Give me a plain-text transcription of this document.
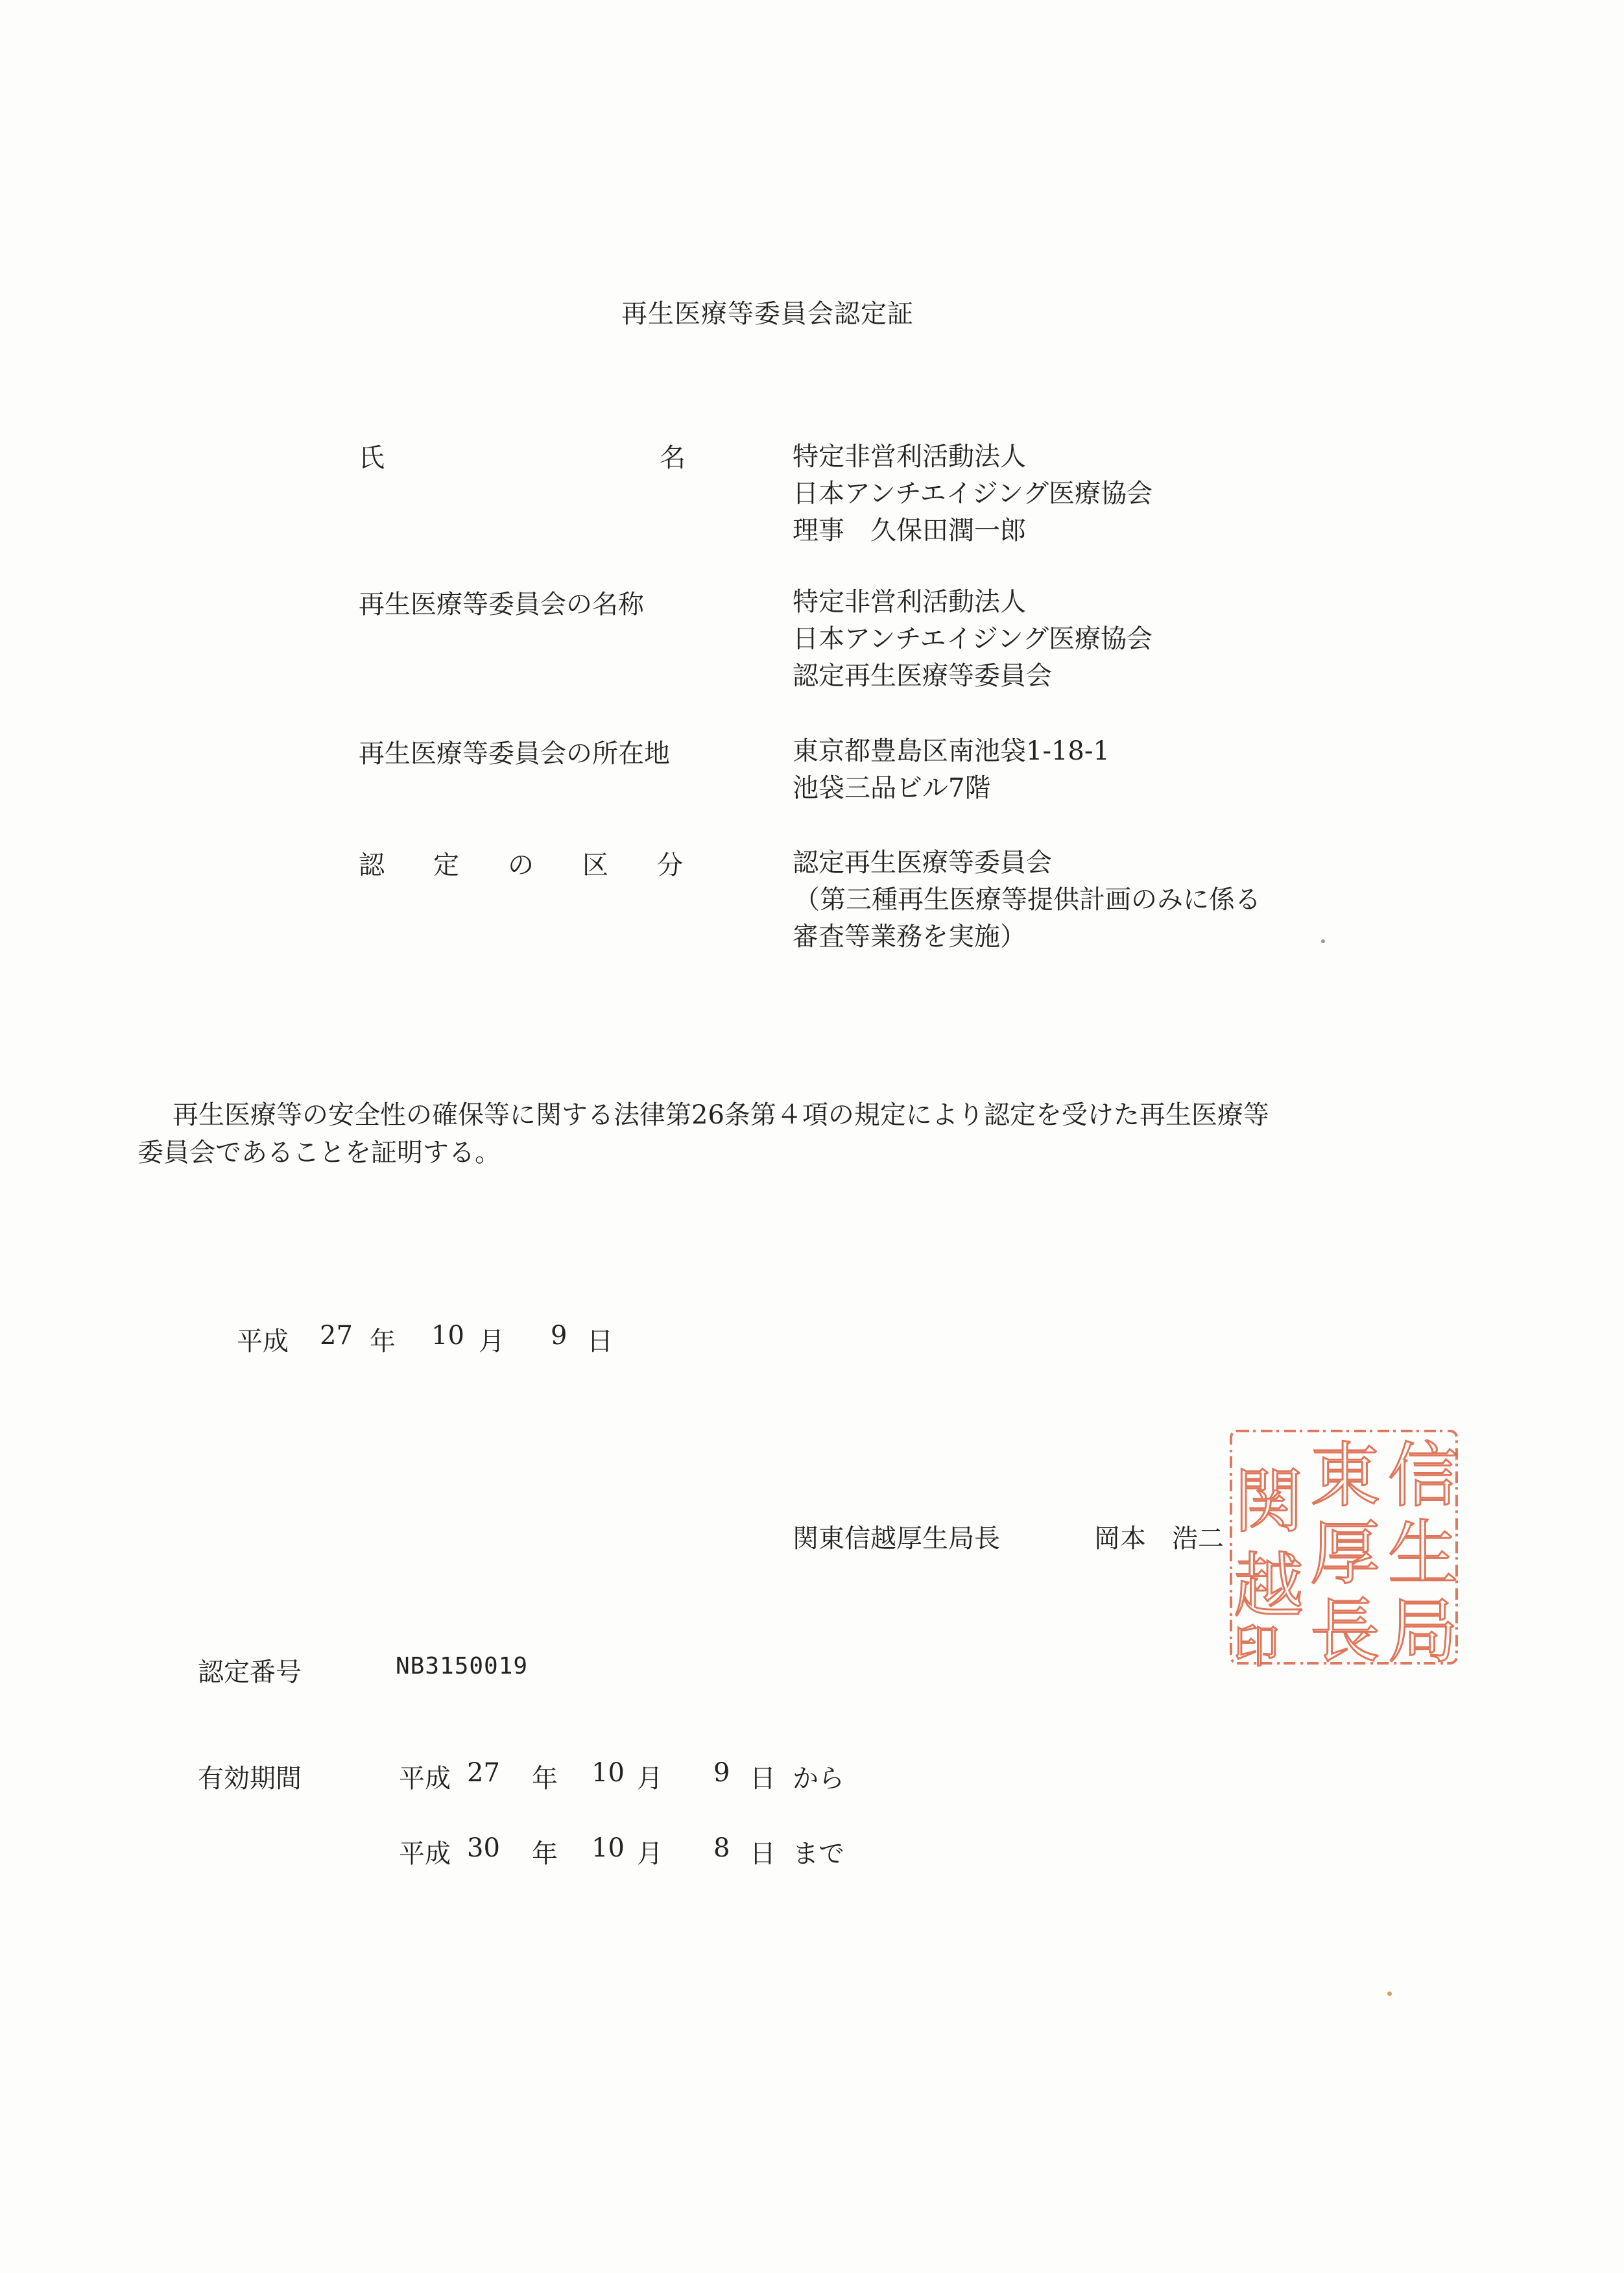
再生医療等委員会認定証
氏	名	特定非営利活動法人
日本アンチエイジング医療協会
理事　久保田潤一郎
再生医療等委員会の名称	特定非営利活動法人
日本アンチエイジング医療協会
認定再生医療等委員会
再生医療等委員会の所在地	東京都豊島区南池袋1-18-1
池袋三品ビル7階
認 定 の 区 分	認定再生医療等委員会
（第三種再生医療等提供計画のみに係る
審査等業務を実施）
再生医療等の安全性の確保等に関する法律第26条第４項の規定により認定を受けた再生医療等
委員会であることを証明する。
平成 27 年 10 月 9 日
関東信越厚生局長	岡本　浩二
信
生
局
東
厚
長
関
越
印
認定番号	NB3150019
有効期間	平成 27 年 10 月 9 日 から
平成 30 年 10 月 8 日 まで
